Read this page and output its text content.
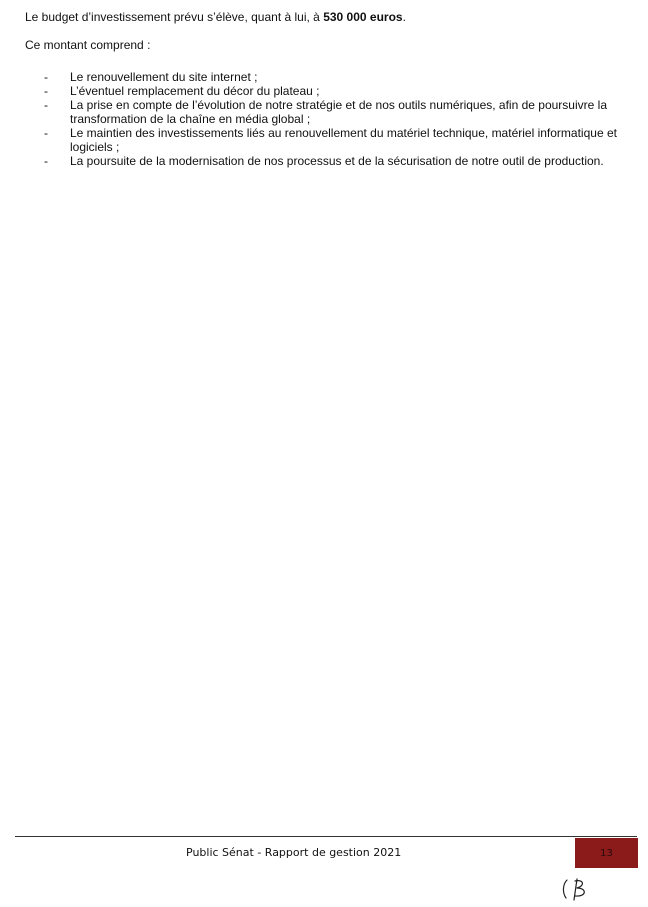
Le budget d’investissement prévu s’élève, quant à lui, à 530 000 euros.

Ce montant comprend :

- Le renouvellement du site internet ;
- L’éventuel remplacement du décor du plateau ;
- La prise en compte de l’évolution de notre stratégie et de nos outils numériques, afin de poursuivre la transformation de la chaîne en média global ;
- Le maintien des investissements liés au renouvellement du matériel technique, matériel informatique et logiciels ;
- La poursuite de la modernisation de nos processus et de la sécurisation de notre outil de production.
Public Sénat - Rapport de gestion 2021	13
